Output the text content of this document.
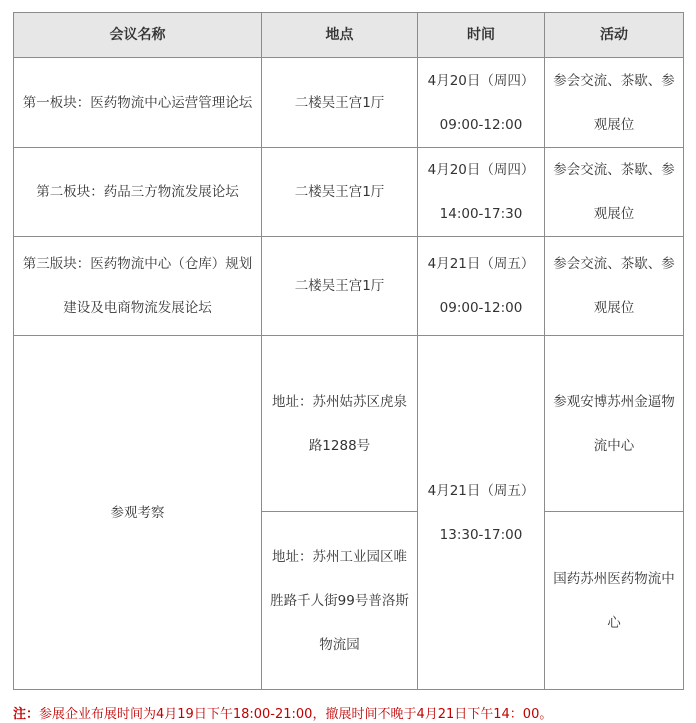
会议名称	地点	时间	活动
第一板块：医药物流中心运营管理论坛	二楼吴王宫1厅	4月20日（周四）09:00-12:00	参会交流、茶歇、参观展位
第二板块：药品三方物流发展论坛	二楼吴王宫1厅	4月20日（周四）14:00-17:30	参会交流、茶歇、参观展位
第三版块：医药物流中心（仓库）规划建设及电商物流发展论坛	二楼吴王宫1厅	4月21日（周五）09:00-12:00	参会交流、茶歇、参观展位
参观考察	地址：苏州姑苏区虎泉路1288号	4月21日（周五）13:30-17:00	参观安博苏州金逼物流中心
	地址：苏州工业园区唯胜路千人街99号普洛斯物流园		国药苏州医药物流中心
注：参展企业布展时间为4月19日下午18:00-21:00，撤展时间不晚于4月21日下午14：00。
